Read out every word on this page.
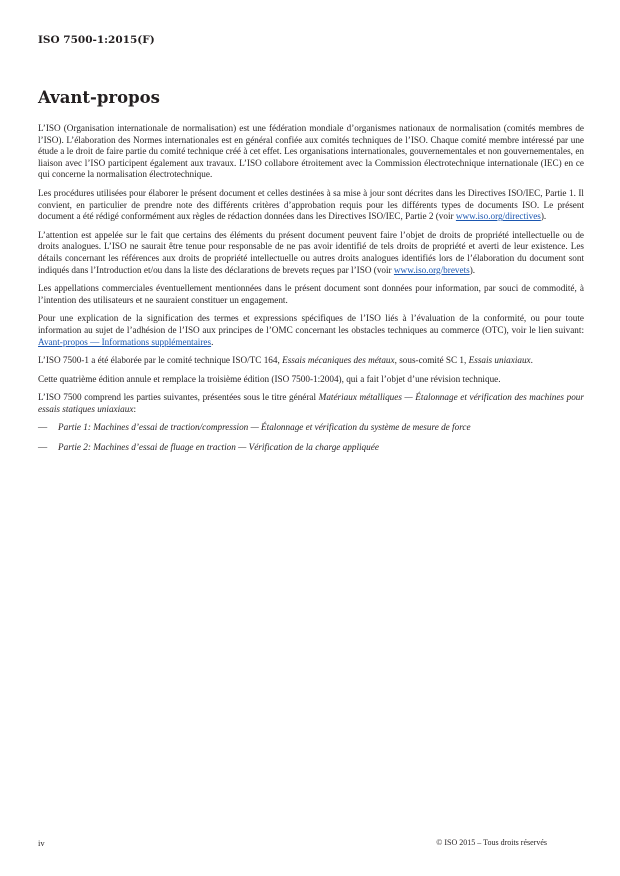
ISO 7500-1:2015(F)
Avant-propos

L’ISO (Organisation internationale de normalisation) est une fédération mondiale d’organismes nationaux de normalisation (comités membres de l’ISO). L’élaboration des Normes internationales est en général confiée aux comités techniques de l’ISO. Chaque comité membre intéressé par une étude a le droit de faire partie du comité technique créé à cet effet. Les organisations internationales, gouvernementales et non gouvernementales, en liaison avec l’ISO participent également aux travaux. L’ISO collabore étroitement avec la Commission électrotechnique internationale (IEC) en ce qui concerne la normalisation électrotechnique.

Les procédures utilisées pour élaborer le présent document et celles destinées à sa mise à jour sont décrites dans les Directives ISO/IEC, Partie 1. Il convient, en particulier de prendre note des différents critères d’approbation requis pour les différents types de documents ISO. Le présent document a été rédigé conformément aux règles de rédaction données dans les Directives ISO/IEC, Partie 2 (voir www.iso.org/directives).

L’attention est appelée sur le fait que certains des éléments du présent document peuvent faire l’objet de droits de propriété intellectuelle ou de droits analogues. L’ISO ne saurait être tenue pour responsable de ne pas avoir identifié de tels droits de propriété et averti de leur existence. Les détails concernant les références aux droits de propriété intellectuelle ou autres droits analogues identifiés lors de l’élaboration du document sont indiqués dans l’Introduction et/ou dans la liste des déclarations de brevets reçues par l’ISO (voir www.iso.org/brevets).

Les appellations commerciales éventuellement mentionnées dans le présent document sont données pour information, par souci de commodité, à l’intention des utilisateurs et ne sauraient constituer un engagement.

Pour une explication de la signification des termes et expressions spécifiques de l’ISO liés à l’évaluation de la conformité, ou pour toute information au sujet de l’adhésion de l’ISO aux principes de l’OMC concernant les obstacles techniques au commerce (OTC), voir le lien suivant: Avant-propos — Informations supplémentaires.

L’ISO 7500-1 a été élaborée par le comité technique ISO/TC 164, Essais mécaniques des métaux, sous-comité SC 1, Essais uniaxiaux.

Cette quatrième édition annule et remplace la troisième édition (ISO 7500-1:2004), qui a fait l’objet d’une révision technique.

L’ISO 7500 comprend les parties suivantes, présentées sous le titre général Matériaux métalliques — Étalonnage et vérification des machines pour essais statiques uniaxiaux:

—	Partie 1: Machines d’essai de traction/compression — Étalonnage et vérification du système de mesure de force
—	Partie 2: Machines d’essai de fluage en traction — Vérification de la charge appliquée
iv	© ISO 2015 – Tous droits réservés
